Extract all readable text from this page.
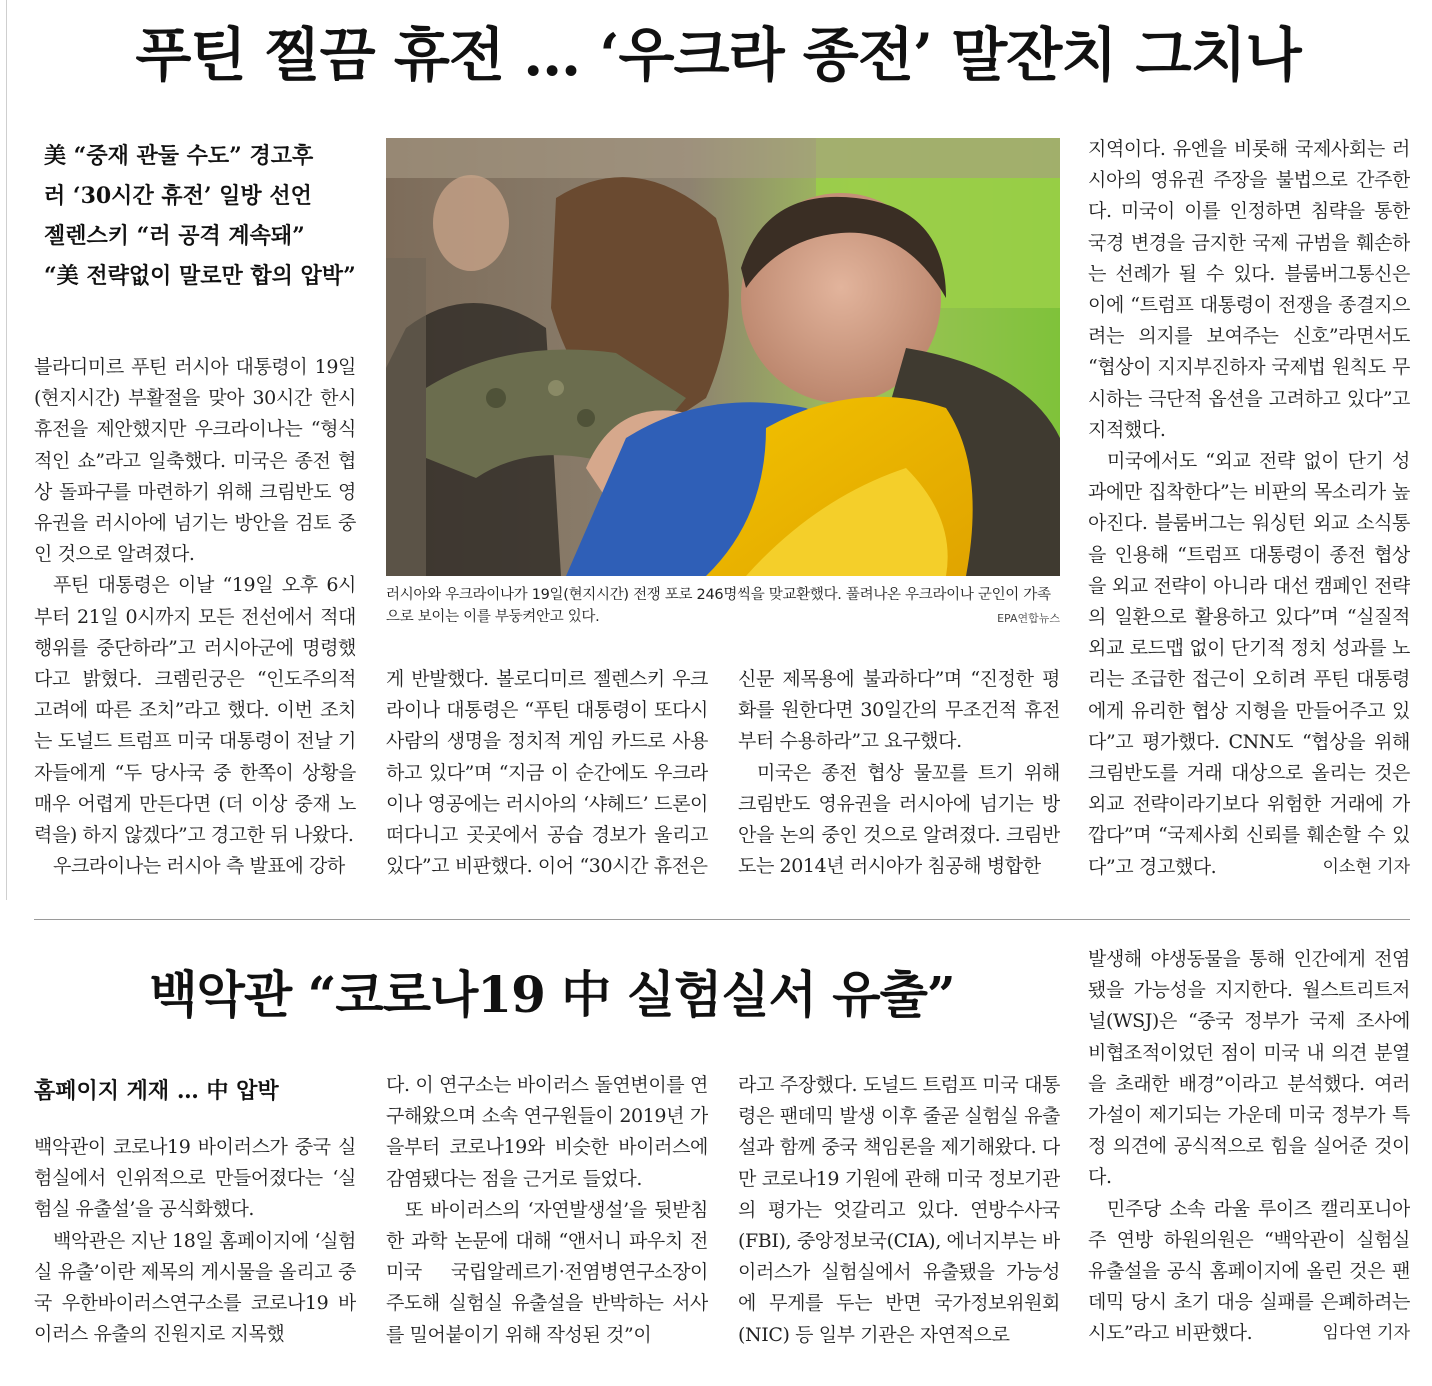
푸틴 찔끔 휴전 … ‘우크라 종전’ 말잔치 그치나
美 “중재 관둘 수도” 경고후
러 ‘30시간 휴전’ 일방 선언
젤렌스키 “러 공격 계속돼”
“美 전략없이 말로만 합의 압박”

블라디미르 푸틴 러시아 대통령이 19일(현지시간) 부활절을 맞아 30시간 한시 휴전을 제안했지만 우크라이나는 “형식적인 쇼”라고 일축했다. 미국은 종전 협상 돌파구를 마련하기 위해 크림반도 영유권을 러시아에 넘기는 방안을 검토 중인 것으로 알려졌다.

푸틴 대통령은 이날 “19일 오후 6시부터 21일 0시까지 모든 전선에서 적대 행위를 중단하라”고 러시아군에 명령했다고 밝혔다. 크렘린궁은 “인도주의적 고려에 따른 조치”라고 했다. 이번 조치는 도널드 트럼프 미국 대통령이 전날 기자들에게 “두 당사국 중 한쪽이 상황을 매우 어렵게 만든다면 (더 이상 중재 노력을) 하지 않겠다”고 경고한 뒤 나왔다.

우크라이나는 러시아 측 발표에 강하

러시아와 우크라이나가 19일(현지시간) 전쟁 포로 246명씩을 맞교환했다. 풀려나온 우크라이나 군인이 가족으로 보이는 이를 부둥켜안고 있다.	EPA연합뉴스

게 반발했다. 볼로디미르 젤렌스키 우크라이나 대통령은 “푸틴 대통령이 또다시 사람의 생명을 정치적 게임 카드로 사용하고 있다”며 “지금 이 순간에도 우크라이나 영공에는 러시아의 ‘샤헤드’ 드론이 떠다니고 곳곳에서 공습 경보가 울리고 있다”고 비판했다. 이어 “30시간 휴전은

신문 제목용에 불과하다”며 “진정한 평화를 원한다면 30일간의 무조건적 휴전부터 수용하라”고 요구했다.

미국은 종전 협상 물꼬를 트기 위해 크림반도 영유권을 러시아에 넘기는 방안을 논의 중인 것으로 알려졌다. 크림반도는 2014년 러시아가 침공해 병합한

지역이다. 유엔을 비롯해 국제사회는 러시아의 영유권 주장을 불법으로 간주한다. 미국이 이를 인정하면 침략을 통한 국경 변경을 금지한 국제 규범을 훼손하는 선례가 될 수 있다. 블룸버그통신은 이에 “트럼프 대통령이 전쟁을 종결지으려는 의지를 보여주는 신호”라면서도 “협상이 지지부진하자 국제법 원칙도 무시하는 극단적 옵션을 고려하고 있다”고 지적했다.

미국에서도 “외교 전략 없이 단기 성과에만 집착한다”는 비판의 목소리가 높아진다. 블룸버그는 워싱턴 외교 소식통을 인용해 “트럼프 대통령이 종전 협상을 외교 전략이 아니라 대선 캠페인 전략의 일환으로 활용하고 있다”며 “실질적 외교 로드맵 없이 단기적 정치 성과를 노리는 조급한 접근이 오히려 푸틴 대통령에게 유리한 협상 지형을 만들어주고 있다”고 평가했다. CNN도 “협상을 위해 크림반도를 거래 대상으로 올리는 것은 외교 전략이라기보다 위험한 거래에 가깝다”며 “국제사회 신뢰를 훼손할 수 있다”고 경고했다.	이소현 기자

백악관 “코로나19 中 실험실서 유출”
홈페이지 게재 … 中 압박

백악관이 코로나19 바이러스가 중국 실험실에서 인위적으로 만들어졌다는 ‘실험실 유출설’을 공식화했다.

백악관은 지난 18일 홈페이지에 ‘실험실 유출’이란 제목의 게시물을 올리고 중국 우한바이러스연구소를 코로나19 바이러스 유출의 진원지로 지목했

다. 이 연구소는 바이러스 돌연변이를 연구해왔으며 소속 연구원들이 2019년 가을부터 코로나19와 비슷한 바이러스에 감염됐다는 점을 근거로 들었다.

또 바이러스의 ‘자연발생설’을 뒷받침한 과학 논문에 대해 “앤서니 파우치 전 미국 국립알레르기·전염병연구소장이 주도해 실험실 유출설을 반박하는 서사를 밀어붙이기 위해 작성된 것”이

라고 주장했다. 도널드 트럼프 미국 대통령은 팬데믹 발생 이후 줄곧 실험실 유출설과 함께 중국 책임론을 제기해왔다. 다만 코로나19 기원에 관해 미국 정보기관의 평가는 엇갈리고 있다. 연방수사국(FBI), 중앙정보국(CIA), 에너지부는 바이러스가 실험실에서 유출됐을 가능성에 무게를 두는 반면 국가정보위원회(NIC) 등 일부 기관은 자연적으로

발생해 야생동물을 통해 인간에게 전염됐을 가능성을 지지한다. 월스트리트저널(WSJ)은 “중국 정부가 국제 조사에 비협조적이었던 점이 미국 내 의견 분열을 초래한 배경”이라고 분석했다. 여러 가설이 제기되는 가운데 미국 정부가 특정 의견에 공식적으로 힘을 실어준 것이다.

민주당 소속 라울 루이즈 캘리포니아주 연방 하원의원은 “백악관이 실험실 유출설을 공식 홈페이지에 올린 것은 팬데믹 당시 초기 대응 실패를 은폐하려는 시도”라고 비판했다.	임다연 기자
